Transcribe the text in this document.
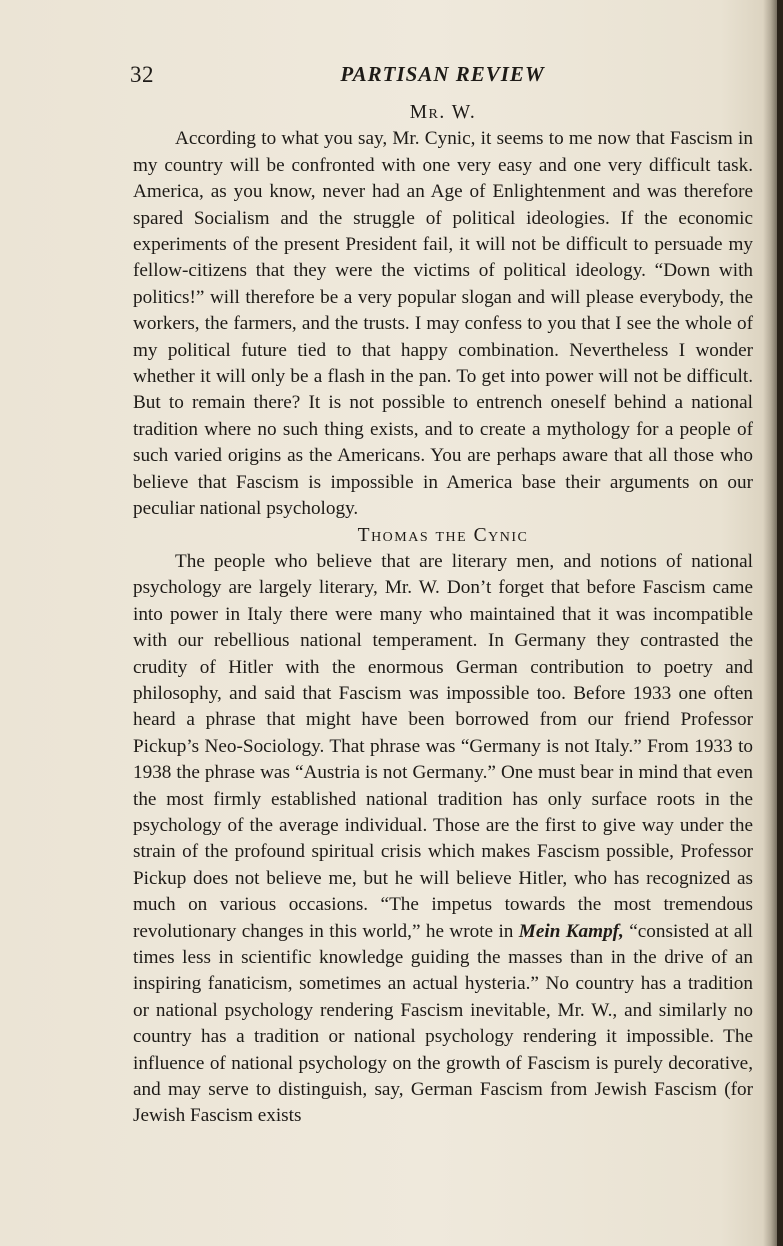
32	PARTISAN REVIEW
Mr. W.

According to what you say, Mr. Cynic, it seems to me now that Fascism in my country will be confronted with one very easy and one very difficult task. America, as you know, never had an Age of Enlightenment and was therefore spared Socialism and the struggle of political ideologies. If the economic experiments of the present President fail, it will not be difficult to persuade my fellow-citizens that they were the victims of political ideology. “Down with politics!” will therefore be a very popular slogan and will please everybody, the workers, the farmers, and the trusts. I may confess to you that I see the whole of my political future tied to that happy combination. Nevertheless I wonder whether it will only be a flash in the pan. To get into power will not be difficult. But to remain there? It is not possible to entrench oneself behind a national tradition where no such thing exists, and to create a mythology for a people of such varied origins as the Americans. You are perhaps aware that all those who believe that Fascism is impossible in America base their arguments on our peculiar national psychology.

Thomas the Cynic

The people who believe that are literary men, and notions of national psychology are largely literary, Mr. W. Don’t forget that before Fascism came into power in Italy there were many who maintained that it was incompatible with our rebellious national temperament. In Germany they contrasted the crudity of Hitler with the enormous German contribution to poetry and philosophy, and said that Fascism was impossible too. Before 1933 one often heard a phrase that might have been borrowed from our friend Professor Pickup’s Neo-Sociology. That phrase was “Germany is not Italy.” From 1933 to 1938 the phrase was “Austria is not Germany.” One must bear in mind that even the most firmly established national tradition has only surface roots in the psychology of the average individual. Those are the first to give way under the strain of the profound spiritual crisis which makes Fascism possible, Professor Pickup does not believe me, but he will believe Hitler, who has recognized as much on various occasions. “The impetus towards the most tremendous revolutionary changes in this world,” he wrote in Mein Kampf, “consisted at all times less in scientific knowledge guiding the masses than in the drive of an inspiring fanaticism, sometimes an actual hysteria.” No country has a tradition or national psychology rendering Fascism inevitable, Mr. W., and similarly no country has a tradition or national psychology rendering it impossible. The influence of national psychology on the growth of Fascism is purely decorative, and may serve to distinguish, say, German Fascism from Jewish Fascism (for Jewish Fascism exists
